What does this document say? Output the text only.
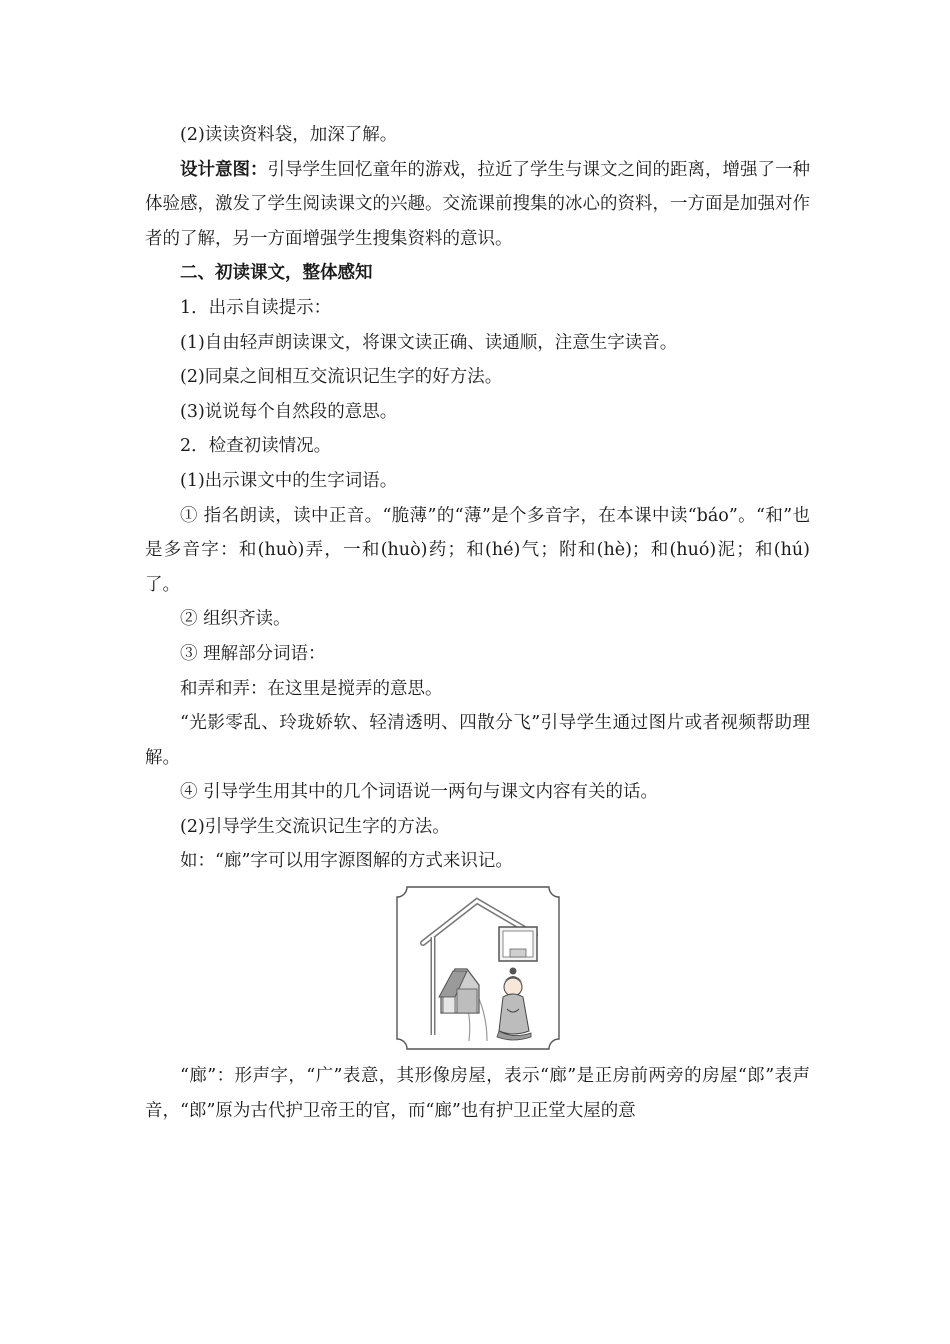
(2)读读资料袋，加深了解。

设计意图：引导学生回忆童年的游戏，拉近了学生与课文之间的距离，增强了一种体验感，激发了学生阅读课文的兴趣。交流课前搜集的冰心的资料，一方面是加强对作者的了解，另一方面增强学生搜集资料的意识。

二、初读课文，整体感知

1．出示自读提示：

(1)自由轻声朗读课文，将课文读正确、读通顺，注意生字读音。

(2)同桌之间相互交流识记生字的好方法。

(3)说说每个自然段的意思。

2．检查初读情况。

(1)出示课文中的生字词语。

① 指名朗读，读中正音。“脆薄”的“薄”是个多音字，在本课中读“báo”。“和”也是多音字：和(huò)弄，一和(huò)药；和(hé)气；附和(hè)；和(huó)泥；和(hú)了。

② 组织齐读。

③ 理解部分词语：

和弄和弄：在这里是搅弄的意思。

“光影零乱、玲珑娇软、轻清透明、四散分飞”引导学生通过图片或者视频帮助理解。

④ 引导学生用其中的几个词语说一两句与课文内容有关的话。

(2)引导学生交流识记生字的方法。

如：“廊”字可以用字源图解的方式来识记。

“廊”：形声字，“广”表意，其形像房屋，表示“廊”是正房前两旁的房屋“郎”表声音，“郎”原为古代护卫帝王的官，而“廊”也有护卫正堂大屋的意
